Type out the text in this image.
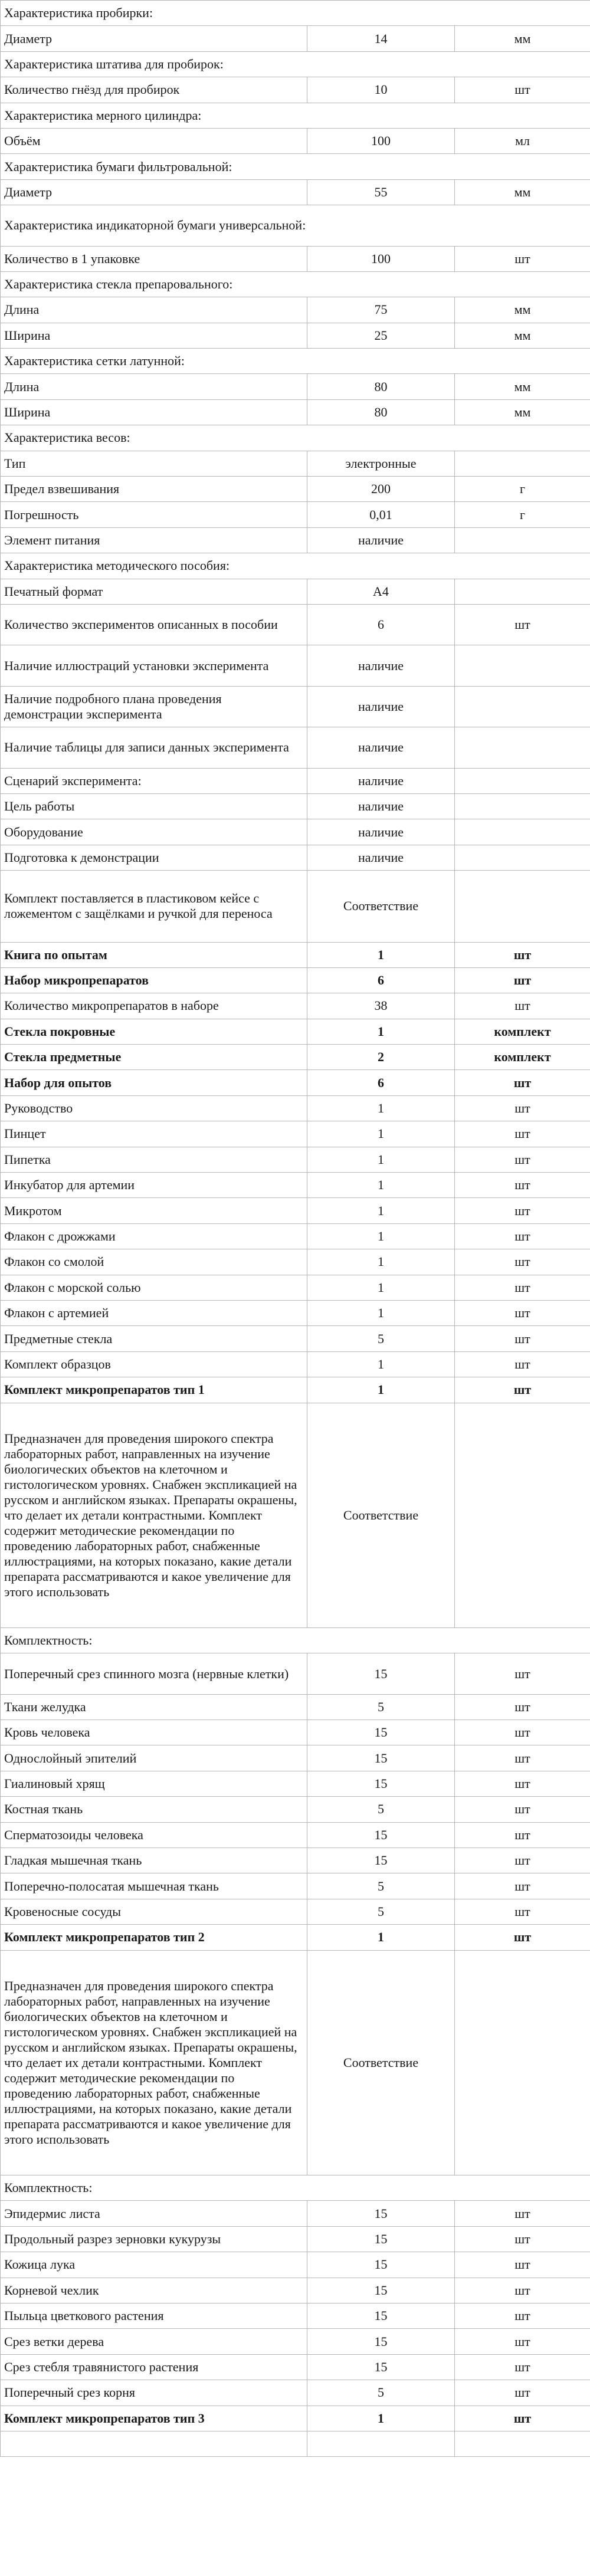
Характеристика пробирки:		
Диаметр	14	мм
Характеристика штатива для пробирок:		
Количество гнёзд для пробирок	10	шт
Характеристика мерного цилиндра:		
Объём	100	мл
Характеристика бумаги фильтровальной:		
Диаметр	55	мм
Характеристика индикаторной бумаги универсальной:		
Количество в 1 упаковке	100	шт
Характеристика стекла препаровального:		
Длина	75	мм
Ширина	25	мм
Характеристика сетки латунной:		
Длина	80	мм
Ширина	80	мм
Характеристика весов:		
Тип	электронные	
Предел взвешивания	200	г
Погрешность	0,01	г
Элемент питания	наличие	
Характеристика методического пособия:		
Печатный формат	А4	
Количество экспериментов описанных в пособии	6	шт
Наличие иллюстраций установки эксперимента	наличие	
Наличие подробного плана проведения демонстрации эксперимента	наличие	
Наличие таблицы для записи данных эксперимента	наличие	
Сценарий эксперимента:	наличие	
Цель работы	наличие	
Оборудование	наличие	
Подготовка к демонстрации	наличие	
Комплект поставляется в пластиковом кейсе с ложементом с защёлками и ручкой для переноса	Соответствие	
Книга по опытам	1	шт
Набор микропрепаратов	6	шт
Количество микропрепаратов в наборе	38	шт
Стекла покровные	1	комплект
Стекла предметные	2	комплект
Набор для опытов	6	шт
Руководство	1	шт
Пинцет	1	шт
Пипетка	1	шт
Инкубатор для артемии	1	шт
Микротом	1	шт
Флакон с дрожжами	1	шт
Флакон со смолой	1	шт
Флакон с морской солью	1	шт
Флакон с артемией	1	шт
Предметные стекла	5	шт
Комплект образцов	1	шт
Комплект микропрепаратов тип 1	1	шт
Предназначен для проведения широкого спектра лабораторных работ, направленных на изучение биологических объектов на клеточном и гистологическом уровнях. Снабжен экспликацией на русском и английском языках. Препараты окрашены, что делает их детали контрастными. Комплект содержит методические рекомендации по проведению лабораторных работ, снабженные иллюстрациями, на которых показано, какие детали препарата рассматриваются и какое увеличение для этого использовать	Соответствие	
Комплектность:		
Поперечный срез спинного мозга (нервные клетки)	15	шт
Ткани желудка	5	шт
Кровь человека	15	шт
Однослойный эпителий	15	шт
Гиалиновый хрящ	15	шт
Костная ткань	5	шт
Сперматозоиды человека	15	шт
Гладкая мышечная ткань	15	шт
Поперечно-полосатая мышечная ткань	5	шт
Кровеносные сосуды	5	шт
Комплект микропрепаратов тип 2	1	шт
Предназначен для проведения широкого спектра лабораторных работ, направленных на изучение биологических объектов на клеточном и гистологическом уровнях. Снабжен экспликацией на русском и английском языках. Препараты окрашены, что делает их детали контрастными. Комплект содержит методические рекомендации по проведению лабораторных работ, снабженные иллюстрациями, на которых показано, какие детали препарата рассматриваются и какое увеличение для этого использовать	Соответствие	
Комплектность:		
Эпидермис листа	15	шт
Продольный разрез зерновки кукурузы	15	шт
Кожица лука	15	шт
Корневой чехлик	15	шт
Пыльца цветкового растения	15	шт
Срез ветки дерева	15	шт
Срез стебля травянистого растения	15	шт
Поперечный срез корня	5	шт
Комплект микропрепаратов тип 3	1	шт
